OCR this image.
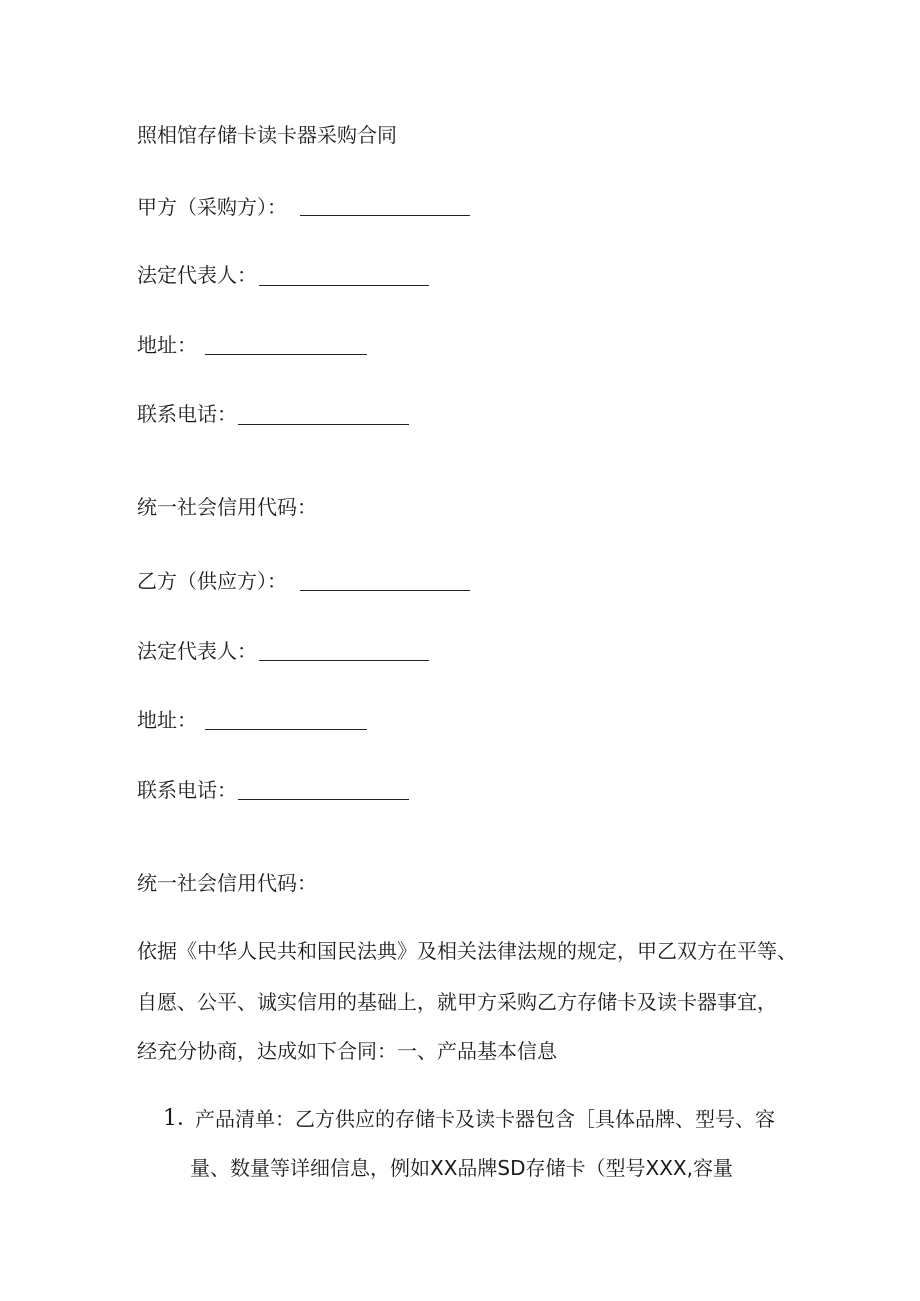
照相馆存储卡读卡器采购合同
甲方（采购方）：
法定代表人：
地址：
联系电话：
统一社会信用代码：
乙方（供应方）：
法定代表人：
地址：
联系电话：
统一社会信用代码：
依据《中华人民共和国民法典》及相关法律法规的规定，甲乙双方在平等、
自愿、公平、诚实信用的基础上，就甲方采购乙方存储卡及读卡器事宜，
经充分协商，达成如下合同：一、产品基本信息
1．
产品清单：乙方供应的存储卡及读卡器包含［具体品牌、型号、容
量、数量等详细信息，例如XX品牌SD存储卡（型号XXX,容量
